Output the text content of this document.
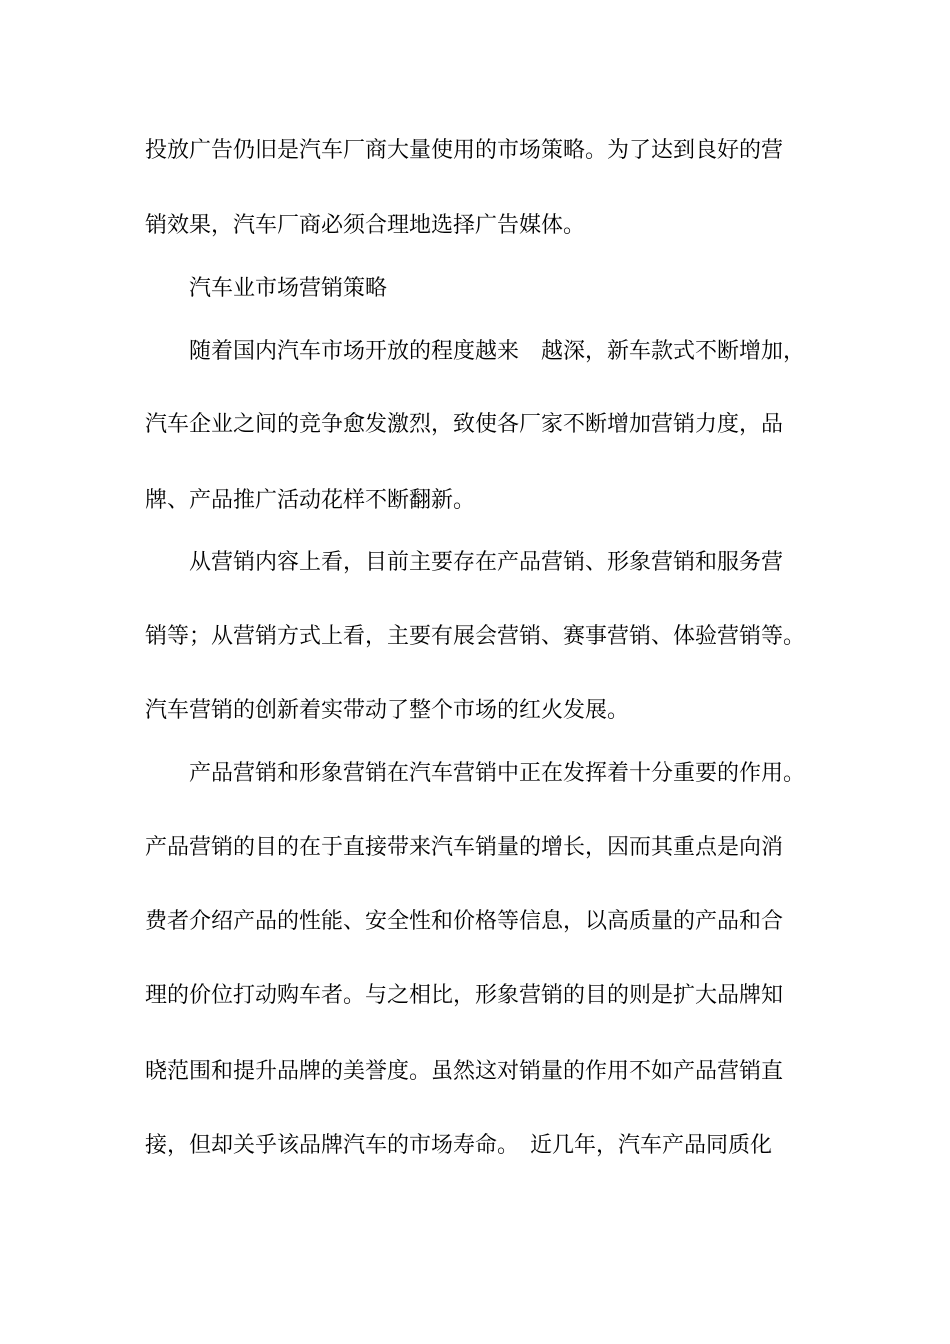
投放广告仍旧是汽车厂商大量使用的市场策略。为了达到良好的营
销效果，汽车厂商必须合理地选择广告媒体。
汽车业市场营销策略
随着国内汽车市场开放的程度越来　越深，新车款式不断增加，
汽车企业之间的竞争愈发激烈，致使各厂家不断增加营销力度，品
牌、产品推广活动花样不断翻新。
从营销内容上看，目前主要存在产品营销、形象营销和服务营
销等；从营销方式上看，主要有展会营销、赛事营销、体验营销等。
汽车营销的创新着实带动了整个市场的红火发展。
产品营销和形象营销在汽车营销中正在发挥着十分重要的作用。
产品营销的目的在于直接带来汽车销量的增长，因而其重点是向消
费者介绍产品的性能、安全性和价格等信息，以高质量的产品和合
理的价位打动购车者。与之相比，形象营销的目的则是扩大品牌知
晓范围和提升品牌的美誉度。虽然这对销量的作用不如产品营销直
接，但却关乎该品牌汽车的市场寿命。　近几年，汽车产品同质化
